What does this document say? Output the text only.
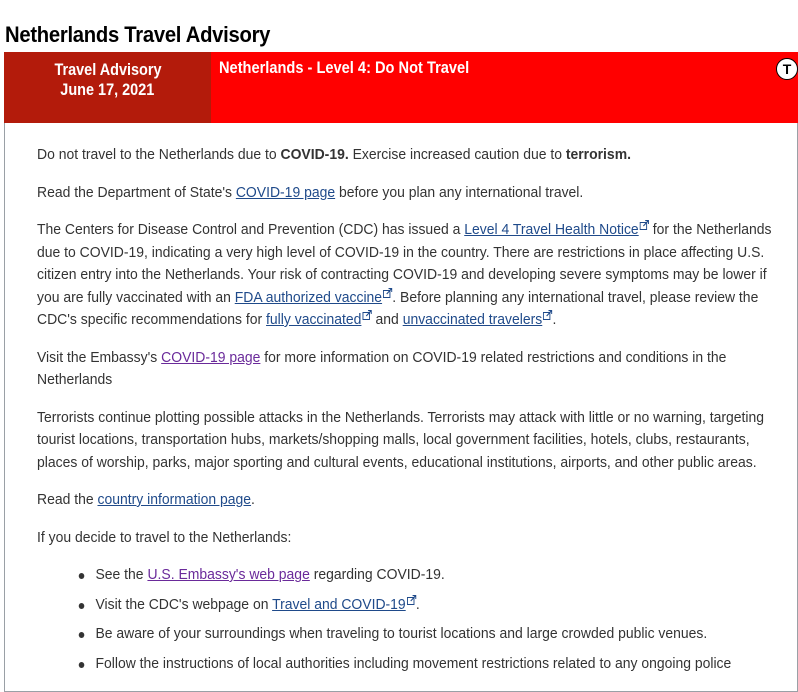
Netherlands Travel Advisory
Travel Advisory
June 17, 2021
Netherlands - Level 4: Do Not Travel	T

Do not travel to the Netherlands due to COVID-19. Exercise increased caution due to terrorism.

Read the Department of State's COVID-19 page before you plan any international travel.

The Centers for Disease Control and Prevention (CDC) has issued a Level 4 Travel Health Notice for the Netherlands due to COVID-19, indicating a very high level of COVID-19 in the country. There are restrictions in place affecting U.S. citizen entry into the Netherlands. Your risk of contracting COVID-19 and developing severe symptoms may be lower if you are fully vaccinated with an FDA authorized vaccine . Before planning any international travel, please review the CDC's specific recommendations for fully vaccinated and unvaccinated travelers .

Visit the Embassy's COVID-19 page for more information on COVID-19 related restrictions and conditions in the Netherlands

Terrorists continue plotting possible attacks in the Netherlands. Terrorists may attack with little or no warning, targeting tourist locations, transportation hubs, markets/shopping malls, local government facilities, hotels, clubs, restaurants, places of worship, parks, major sporting and cultural events, educational institutions, airports, and other public areas.

Read the country information page.

If you decide to travel to the Netherlands:

See the U.S. Embassy's web page regarding COVID-19.
Visit the CDC's webpage on Travel and COVID-19 .
Be aware of your surroundings when traveling to tourist locations and large crowded public venues.
Follow the instructions of local authorities including movement restrictions related to any ongoing police
